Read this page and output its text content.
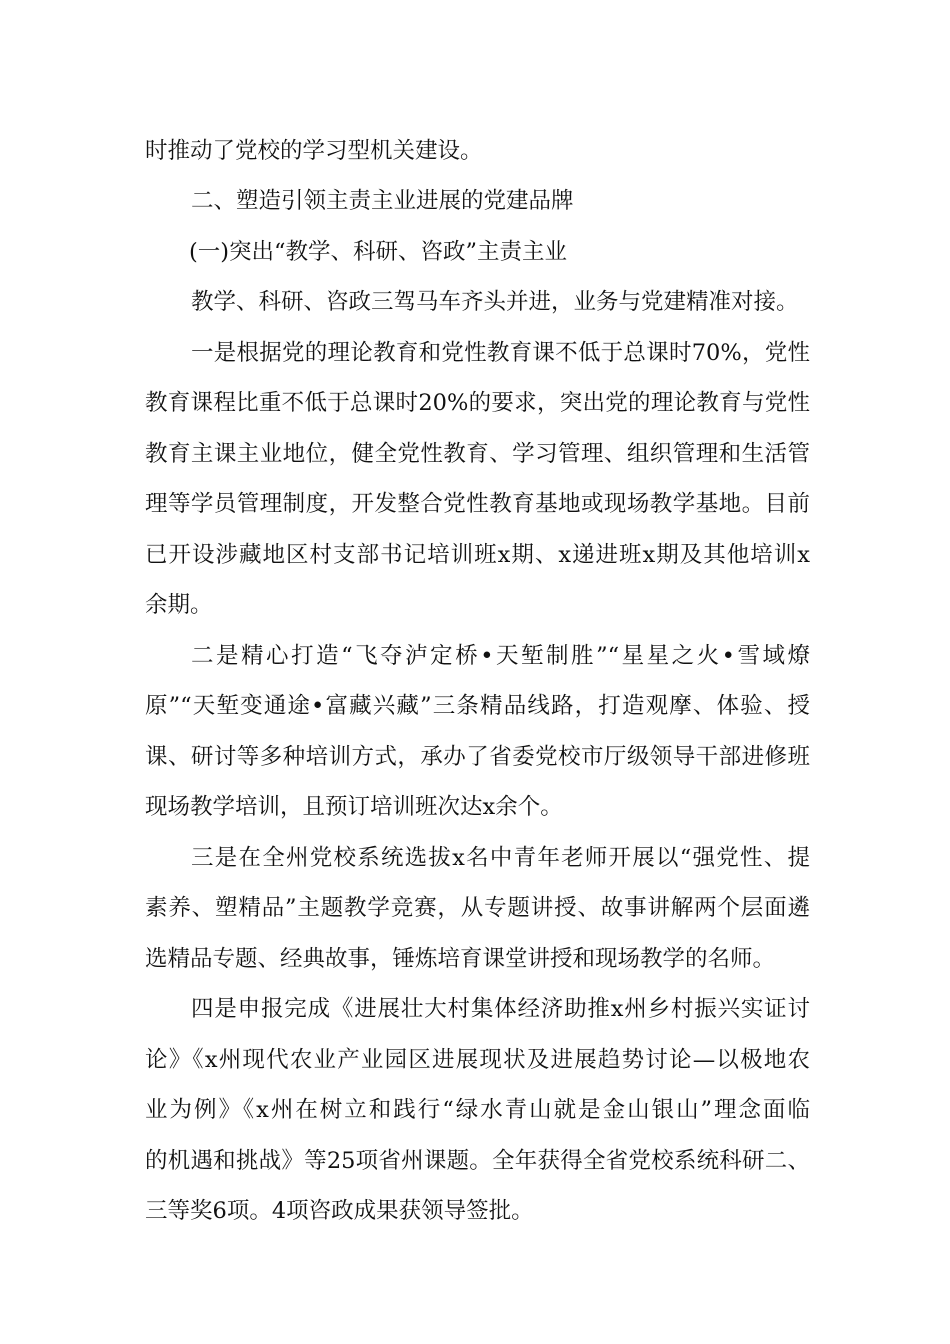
时推动了党校的学习型机关建设。
二、塑造引领主责主业进展的党建品牌
(一)突出“教学、科研、咨政”主责主业
教学、科研、咨政三驾马车齐头并进，业务与党建精准对接。
一是根据党的理论教育和党性教育课不低于总课时70%，党性
教育课程比重不低于总课时20%的要求，突出党的理论教育与党性
教育主课主业地位，健全党性教育、学习管理、组织管理和生活管
理等学员管理制度，开发整合党性教育基地或现场教学基地。目前
已开设涉藏地区村支部书记培训班x期、x递进班x期及其他培训x
余期。
二是精心打造“飞夺泸定桥•天堑制胜”“星星之火•雪域燎
原”“天堑变通途•富藏兴藏”三条精品线路，打造观摩、体验、授
课、研讨等多种培训方式，承办了省委党校市厅级领导干部进修班
现场教学培训，且预订培训班次达x余个。
三是在全州党校系统选拔x名中青年老师开展以“强党性、提
素养、塑精品”主题教学竞赛，从专题讲授、故事讲解两个层面遴
选精品专题、经典故事，锤炼培育课堂讲授和现场教学的名师。
四是申报完成《进展壮大村集体经济助推x州乡村振兴实证讨
论》《x州现代农业产业园区进展现状及进展趋势讨论—以极地农
业为例》《x州在树立和践行“绿水青山就是金山银山”理念面临
的机遇和挑战》等25项省州课题。全年获得全省党校系统科研二、
三等奖6项。4项咨政成果获领导签批。
